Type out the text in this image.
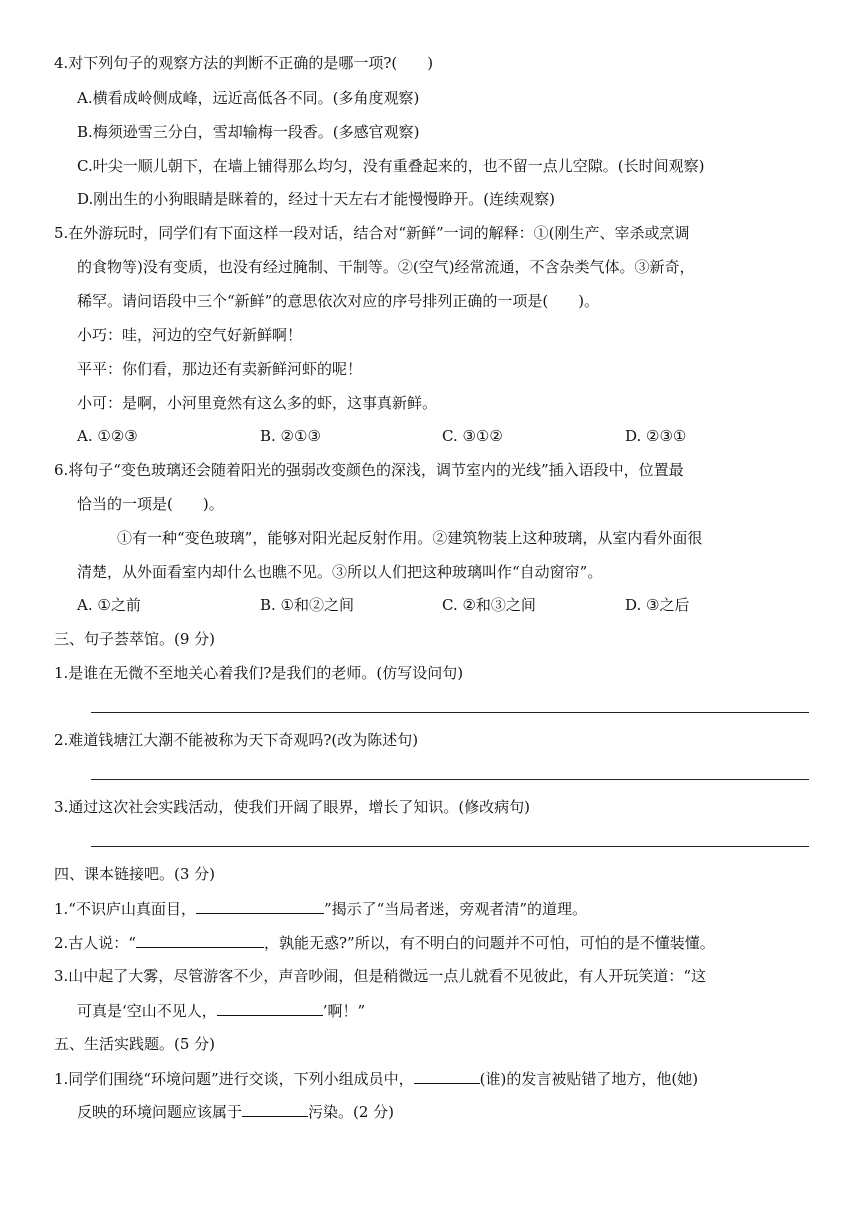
4.对下列句子的观察方法的判断不正确的是哪一项?(　　)
A.横看成岭侧成峰，远近高低各不同。(多角度观察)
B.梅须逊雪三分白，雪却输梅一段香。(多感官观察)
C.叶尖一顺儿朝下，在墙上铺得那么均匀，没有重叠起来的，也不留一点儿空隙。(长时间观察)
D.刚出生的小狗眼睛是眯着的，经过十天左右才能慢慢睁开。(连续观察)
5.在外游玩时，同学们有下面这样一段对话，结合对“新鲜”一词的解释：①(刚生产、宰杀或烹调
的食物等)没有变质，也没有经过腌制、干制等。②(空气)经常流通，不含杂类气体。③新奇，
稀罕。请问语段中三个“新鲜”的意思依次对应的序号排列正确的一项是(　　)。
小巧：哇，河边的空气好新鲜啊！
平平：你们看，那边还有卖新鲜河虾的呢！
小可：是啊，小河里竟然有这么多的虾，这事真新鲜。
A. ①②③	B. ②①③	C. ③①②	D. ②③①
6.将句子“变色玻璃还会随着阳光的强弱改变颜色的深浅，调节室内的光线”插入语段中，位置最
恰当的一项是(　　)。
①有一种“变色玻璃”，能够对阳光起反射作用。②建筑物装上这种玻璃，从室内看外面很
清楚，从外面看室内却什么也瞧不见。③所以人们把这种玻璃叫作“自动窗帘”。
A. ①之前	B. ①和②之间	C. ②和③之间	D. ③之后
三、句子荟萃馆。(9 分)
1.是谁在无微不至地关心着我们?是我们的老师。(仿写设问句)
2.难道钱塘江大潮不能被称为天下奇观吗?(改为陈述句)
3.通过这次社会实践活动，使我们开阔了眼界，增长了知识。(修改病句)
四、课本链接吧。(3 分)
1.“不识庐山真面目，	”揭示了“当局者迷，旁观者清”的道理。
2.古人说：“	，孰能无惑?”所以，有不明白的问题并不可怕，可怕的是不懂装懂。
3.山中起了大雾，尽管游客不少，声音吵闹，但是稍微远一点儿就看不见彼此，有人开玩笑道：“这
可真是‘空山不见人，	’啊！”
五、生活实践题。(5 分)
1.同学们围绕“环境问题”进行交谈，下列小组成员中，	(谁)的发言被贴错了地方，他(她)
反映的环境问题应该属于	污染。(2 分)
